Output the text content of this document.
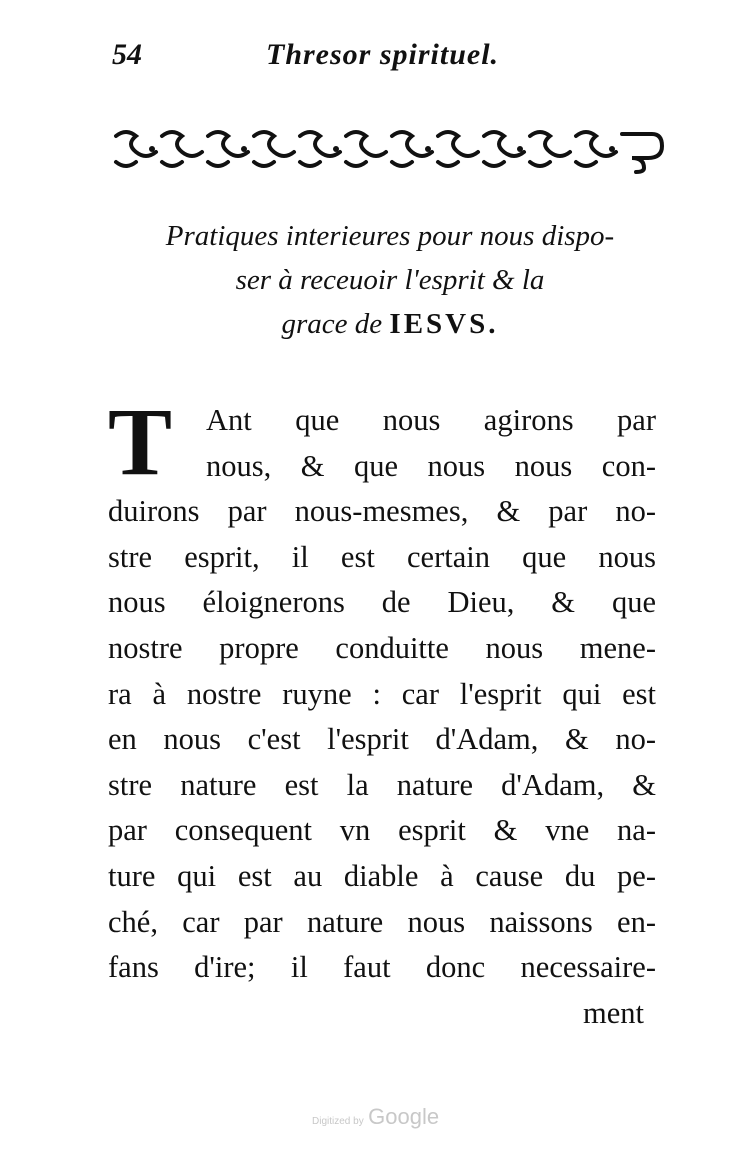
54	Thresor spirituel.
Pratiques interieures pour nous dispo-
ser à receuoir l'esprit & la
grace de IESVS.
T	Ant que nous agirons par
nous, & que nous nous con-
duirons par nous-mesmes, & par no-
stre esprit, il est certain que nous
nous éloignerons de Dieu, & que
nostre propre conduitte nous mene-
ra à nostre ruyne : car l'esprit qui est
en nous c'est l'esprit d'Adam, & no-
stre nature est la nature d'Adam, &
par consequent vn esprit & vne na-
ture qui est au diable à cause du pe-
ché, car par nature nous naissons en-
fans d'ire; il faut donc necessaire-
ment
Digitized by Google
